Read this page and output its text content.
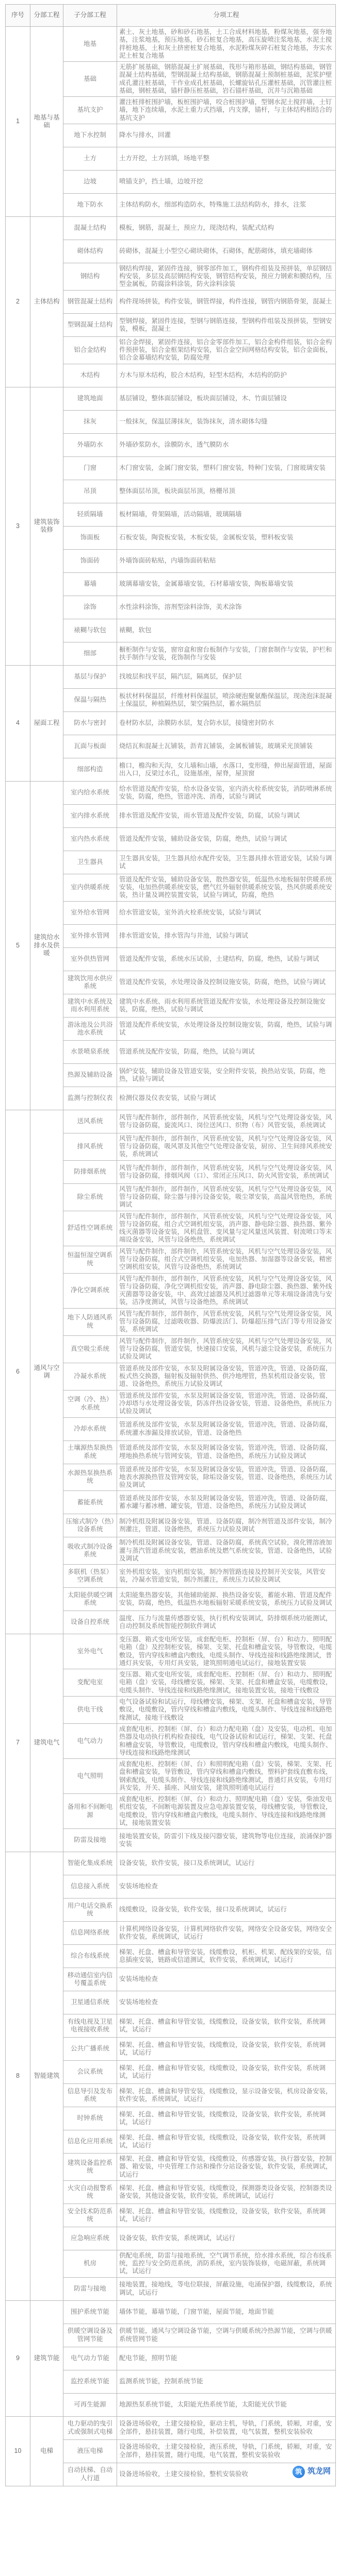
序号	分部工程	子分部工程	分项工程
1	地基与基础	地基	素土、灰土地基，砂和砂石地基，土工合成材料地基，粉煤灰地基，强夯地基，注浆地基，预压地基，砂石桩复合地基，高压旋喷注浆地基，水泥土搅拌桩地基，土和灰土挤密桩复合地基，水泥粉煤灰碎石桩复合地基，夯实水泥土桩复合地基
		基础	无筋扩展基础，钢筋混凝土扩展基础，筏形与箱形基础，钢结构基础，钢管混凝土结构基础，型钢混凝土结构基础，钢筋混凝土预制桩基础，泥浆护壁成孔灌注桩基础，干作业成孔桩基础，长螺旋钻孔压灌桩基础，沉管灌注桩基础，钢桩基础，锚杆静压桩基础，岩石锚杆基础，沉井与沉箱基础
		基坑支护	灌注桩排桩围护墙，板桩围护墙，咬合桩围护墙，型钢水泥土搅拌墙，土钉墙，地下连续墙，水泥土重力式挡墙，内支撑，锚杆，与主体结构相结合的基坑支护
		地下水控制	降水与排水，回灌
		土方	土方开挖，土方回填，场地平整
		边坡	喷锚支护，挡土墙，边坡开挖
		地下防水	主体结构防水，细部构造防水，特殊施工法结构防水，排水，注浆
2	主体结构	混凝土结构	模板，钢筋，混凝土，预应力，现浇结构，装配式结构
		砌体结构	砖砌体，混凝土小型空心砌块砌体，石砌体，配筋砌体，填充墙砌体
		钢结构	钢结构焊接，紧固件连接，钢零部件加工，钢构件组装及预拼装，单层钢结构安装，多层及高层钢结构安装，钢管结构安装，预应力钢索和膜结构，压型金属板，防腐涂料涂装，防火涂料涂装
		钢管混凝土结构	构件现场拼装，构件安装，钢管焊接，构件连接，钢管内钢筋骨架，混凝土
		型钢混凝土结构	型钢焊接，紧固件连接，型钢与钢筋连接，型钢构件组装及预拼装，型钢安装，模板，混凝土
		铝合金结构	铝合金焊接，紧固件连接，铝合金零部件加工，铝合金构件组装，铝合金构件预拼装，铝合金框架结构安装，铝合金空间网格结构安装，铝合金面板，铝合金幕墙结构安装，防腐处理
		木结构	方木与原木结构，胶合木结构，轻型木结构，木结构的防护
3	建筑装饰装修	建筑地面	基层铺设，整体面层铺设，板块面层铺设，木、竹面层铺设
		抹灰	一般抹灰，保温层薄抹灰，装饰抹灰，清水砌体勾缝
		外墙防水	外墙砂浆防水，涂膜防水，透气膜防水
		门窗	木门窗安装，金属门窗安装，塑料门窗安装，特种门安装，门窗玻璃安装
		吊顶	整体面层吊顶，板块面层吊顶，格栅吊顶
		轻质隔墙	板材隔墙，骨架隔墙，活动隔墙，玻璃隔墙
		饰面板	石板安装，陶瓷板安装，木板安装，金属板安装，塑料板安装
		饰面砖	外墙饰面砖粘贴，内墙饰面砖粘贴
		幕墙	玻璃幕墙安装，金属幕墙安装，石材幕墙安装，陶板幕墙安装
		涂饰	水性涂料涂饰，溶剂型涂料涂饰，美术涂饰
		裱糊与软包	裱糊，软包
		细部	橱柜制作与安装，窗帘盒和窗台板制作与安装，门窗套制作与安装，护栏和扶手制作与安装，花饰制作与安装
4	屋面工程	基层与保护	找坡层和找平层，隔汽层，隔离层，保护层
		保温与隔热	板状材料保温层，纤维材料保温层，喷涂硬泡聚氨酯保温层，现浇泡沫混凝土保温层，种植隔热层，架空隔热层，蓄水隔热层
		防水与密封	卷材防水层，涂膜防水层，复合防水层，接缝密封防水
		瓦面与板面	烧结瓦和混凝土瓦铺装，沥青瓦铺装，金属板铺装，玻璃采光顶铺装
		细部构造	檐口，檐沟和天沟，女儿墙和山墙，水落口，变形缝，伸出屋面管道，屋面出入口，反梁过水孔，设施基座，屋脊，屋顶窗
5	建筑给水排水及供暖	室内给水系统	给水管道及配件安装，给水设备安装，室内消火栓系统安装，消防喷淋系统安装，防腐，绝热，管道冲洗、消毒，试验与调试
		室内排水系统	排水管道及配件安装，雨水管道及配件安装，防腐，试验与调试
		室内热水系统	管道及配件安装，辅助设备安装，防腐，绝热，试验与调试
		卫生器具	卫生器具安装，卫生器具给水配件安装，卫生器具排水管道安装，试验与调试
		室内供暖系统	管道及配件安装，辅助设备安装，散热器安装，低温热水地板辐射供暖系统安装，电加热供暖系统安装，燃气红外辐射供暖系统安装，热风供暖系统安装，热计量及调控装置安装，试验与调试，防腐，绝热
		室外给水管网	给水管道安装，室外消火栓系统安装，试验与调试
		室外排水管网	排水管道安装，排水管沟与井池，试验与调试
		室外供热管网	管道及配件安装，系统水压试验，土建结构，防腐，绝热，试验与调试
		建筑饮用水供应系统	管道及配件安装，水处理设备及控制设施安装，防腐，绝热，试验与调试
		建筑中水系统及雨水利用系统	建筑中水系统、雨水利用系统管道及配件安装，水处理设备及控制设施安装，防腐，绝热，试验与调试
		游泳池及公共浴池水系统	管道及配件系统安装，水处理设备及控制设施安装，防腐，绝热，试验与调试
		水景喷泉系统	管道系统及配件安装，防腐，绝热，试验与调试
		热源及辅助设备	锅炉安装，辅助设备及管道安装，安全附件安装，换热站安装，防腐，绝热，试验与调试
		监测与控制仪表	检测仪器及仪表安装，试验与调试
6	通风与空调	送风系统	风管与配件制作，部件制作，风管系统安装，风机与空气处理设备安装，风管与设备防腐，旋流风口、岗位送风口、织物（布）风管安装，系统调试
		排风系统	风管与配件制作，部件制作，风管系统安装，风机与空气处理设备安装，风管与设备防腐，吸风罩及其他空气处理设备安装，厨房、卫生间排风系统安装，系统调试
		防排烟系统	风管与配件制作，部件制作，风管系统安装，风机与空气处理设备安装，风管与设备防腐，排烟风阀（口）、常闭正压风口、防火风管安装，系统调试
		除尘系统	风管与配件制作，部件制作，风管系统安装，风机与空气处理设备安装，风管与设备防腐，除尘器与排污设备安装，吸尘罩安装，高温风管绝热，系统调试
		舒适性空调系统	风管与配件制作，部件制作，风管系统安装，风机与空气处理设备安装，风管与设备防腐，组合式空调机组安装，消声器、静电除尘器、换热器、紫外线灭菌器等设备安装，风机盘管、变风量与定风量送风装置、射流喷口等末端设备安装，风管与设备绝热，系统调试
		恒温恒湿空调系统	风管与配件制作，部件制作，风管系统安装，风机与空气处理设备安装，风管与设备防腐，组合式空调机组安装，电加热器、加湿器等设备安装，精密空调机组安装，风管与设备绝热，系统调试
		净化空调系统	风管与配件制作，部件制作，风管系统安装，风机与空气处理设备安装，风管与设备防腐，净化空调机组安装，消声器、静电除尘器、换热器、紫外线灭菌器等设备安装，中、高效过滤器及风机过滤器单元等末端设备清洗与安装，洁净度测试，风管与设备绝热，系统调试
		地下人防通风系统	风管与配件制作，部件制作，风管系统安装，风机与空气处理设备安装，风管与设备防腐，过滤吸收器、防爆波活门、防爆超压排气活门等专用设备安装，系统调试
		真空吸尘系统	风管与配件制作，部件制作，风管系统安装，风机与空气处理设备安装，风管与设备防腐，管道安装，快速接口安装，风机与滤尘设备安装，系统压力试验及调试
		冷凝水系统	管道系统及部件安装，水泵及附属设备安装，管道冲洗，管道、设备防腐，板式热交换器，辐射板及辐射供热、供冷地埋管，热泵机组设备安装，管道、设备绝热，系统压力试验及调试
		空调（冷、热）水系统	管道系统及部件安装，水泵及附属设备安装，管道冲洗，管道、设备防腐，冷却塔与水处理设备安装，防冻伴热设备安装，管道、设备绝热，系统压力试验及调试
		冷却水系统	管道系统及部件安装，水泵及附属设备安装，管道冲洗，管道、设备防腐，系统灌水渗漏及排放试验，管道、设备绝热
		土壤源热泵换热系统	管道系统及部件安装，水泵及附属设备安装，管道冲洗，管道、设备防腐，埋地换热系统与管网安装，管道、设备绝热，系统压力试验及调试
		水源热泵换热系统	管道系统及部件安装，水泵及附属设备安装，管道冲洗，管道、设备防腐，地表水源换热管及管网安装，除垢设备安装，管道、设备绝热，系统压力试验及调试
		蓄能系统	管道系统及部件安装，水泵及附属设备安装，管道冲洗，管道、设备防腐，蓄水罐与蓄冰槽、罐安装，管道、设备绝热，系统压力试验及调试
		压缩式制冷（热）设备系统	制冷机组及附属设备安装，管道、设备防腐，制冷剂管道及部件安装，制冷剂灌注，管道、设备绝热，系统压力试验及调试
		吸收式制冷设备系统	制冷机组及附属设备安装，管道、设备防腐，系统真空试验，溴化锂溶液加灌与蒸汽管道系统安装，燃油系统及燃气系统安装，管道、设备绝热，试验及调试
		多联机（热泵）空调系统	室外机组安装，室内机组安装，制冷剂管路连接及控制开关安装，风管安装，冷凝水管道安装，制冷剂灌注，系统压力试验及调试
		太阳能供暖空调系统	太阳能集热器安装，其他辅助能源、换热设备安装，蓄能水箱、管道及配件安装，防腐，绝热，低温热水地板辐射采暖系统安装，系统压力试验及调试
		设备自控系统	温度、压力与流量传感器安装，执行机构安装调试，防排烟系统功能测试，自动控制及系统智能控制软件调试
7	建筑电气	室外电气	变压器、箱式变电所安装，成套配电柜、控制柜（屏、台）和动力、照明配电箱（盘）及控制柜安装，梯架、支架、托盘和槽盒安装，导管敷设，电缆敷设，管内穿线和槽盒内敷线，电缆头制作、导线连接和线路绝缘测试，普通灯具安装，专用灯具安装，建筑照明通电试运行，接地装置安装
		变配电室	变压器、箱式变电所安装，成套配电柜、控制柜（屏、台）和动力、照明配电箱（盘）安装，母线槽安装，梯架、支架、托盘和槽盒安装，电缆敷设，电缆头制作、导线连接和线路绝缘测试，接地装置安装，接地干线敷设
		供电干线	电气设备试验和试运行，母线槽安装，梯架、支架、托盘和槽盒安装，导管敷设，电缆敷设，管内穿线和槽盒内敷线，电缆头制作、导线连接和线路绝缘测试，接地干线敷设
		电气动力	成套配电柜、控制柜（屏、台）和动力配电箱（盘）及安装，电动机、电加热器及电动执行机构检查接线，电气设备试验和试运行，梯架、支架、托盘和槽盒安装，导管敷设，电缆敷设，管内穿线和槽盒内敷线，电缆头制作、导线连接和线路绝缘测试
		电气照明	成套配电柜、控制柜（屏、台）和照明配电箱（盘）安装，梯架、支架、托盘和槽盒安装，导管敷设，管内穿线和槽盒内敷线，塑料护套线直敷布线，钢索配线，电缆头制作、导线连接和线路绝缘测试，普通灯具安装，专用灯具安装，开关、插座、风扇安装，建筑照明通电试运行
		备用和不间断电源	成套配电柜、控制柜（屏、台）和动力、照明配电箱（盘）安装，柴油发电机组安装，不间断电源装置及应急电源装置安装，母线槽安装，导管敷设，电缆敷设，管内穿线和槽盒内敷线，电缆头制作、导线连接和线路绝缘测试，接地装置安装
		防雷及接地	接地装置安装，防雷引下线及接闪器安装，建筑物等电位连接，浪涌保护器安装
8	智能建筑	智能化集成系统	设备安装，软件安装，接口及系统调试，试运行
		信息接入系统	安装场地检查
		用户电话交换系统	线缆敷设，设备安装，软件安装，接口及系统调试，试运行
		信息网络系统	计算机网络设备安装，计算机网络软件安装，网络安全设备安装，网络安全软件安装，系统调试，试运行
		综合布线系统	梯架、托盘、槽盒和导管安装，线缆敷设，机柜、机架、配线架的安装，信息插座安装，链路或信道测试，软件安装，系统调试，试运行
		移动通信室内信号覆盖系统	安装场地检查
		卫星通信系统	安装场地检查
		有线电视及卫星电视接收系统	梯架、托盘、槽盒和导管安装，线缆敷设，设备安装，软件安装，系统调试，试运行
		公共广播系统	梯架、托盘、槽盒和导管安装，线缆敷设，设备安装，软件安装，系统调试，试运行
		会议系统	梯架、托盘、槽盒和导管安装，线缆敷设，设备安装，软件安装，系统调试，试运行
		信息导引及发布系统	梯架、托盘、槽盒和导管安装，线缆敷设，显示设备安装，机房设备安装，软件安装，系统调试，试运行
		时钟系统	梯架、托盘、槽盒和导管安装，线缆敷设，设备安装，软件安装，系统调试，试运行
		信息化应用系统	梯架、托盘、槽盒和导管安装，线缆敷设，设备安装，软件安装，系统调试，试运行
		建筑设备监控系统	梯架、托盘、槽盒和导管安装，线缆敷设，传感器安装，执行器安装，控制器、箱安装，中央管理工作站和操作分站设备安装，软件安装，系统调试，试运行
		火灾自动报警系统	梯架、托盘、槽盒和导管安装，线缆敷设，探测器类设备安装，控制器类设备安装，其他设备安装，软件安装，系统调试，试运行
		安全技术防范系统	梯架、托盘、槽盒和导管安装，线缆敷设，设备安装，软件安装，系统调试，试运行
		应急响应系统	设备安装，软件安装，系统调试，试运行
		机房	供配电系统，防雷与接地系统，空气调节系统，给水排水系统，综合布线系统，监控与安全防范系统，消防系统，室内装饰装修，电磁屏蔽，系统调试，试运行
		防雷与接地	接地装置，接地线，等电位联接，屏蔽设施，电涌保护器，线缆敷设，系统调试，试运行
9	建筑节能	围护系统节能	墙体节能，幕墙节能，门窗节能，屋面节能，地面节能
		供暖空调设备及管网节能	供暖节能，通风与空调设备节能，空调与供暖系统冷热源节能，空调与供暖系统管网节能
		电气动力节能	配电节能，照明节能
		监控系统节能	监测系统节能，控制系统节能
		可再生能源	地源热泵系统节能，太阳能光热系统节能，太阳能光伏节能
10	电梯	电力驱动的曳引式或强制式电梯	设备进场验收，土建交接检验，驱动主机，导轨，门系统，轿厢，对重，安全部件，悬挂装置，随行电缆，补偿装置，电气装置，整机安装验收
		液压电梯	设备进场验收，土建交接检验，液压系统，导轨，门系统，轿厢，对重，安全部件，悬挂装置，随行电缆，电气装置，整机安装验收
		自动扶梯、自动人行道	设备进场验收，土建交接检验，整机安装验收	筑 筑龙网
